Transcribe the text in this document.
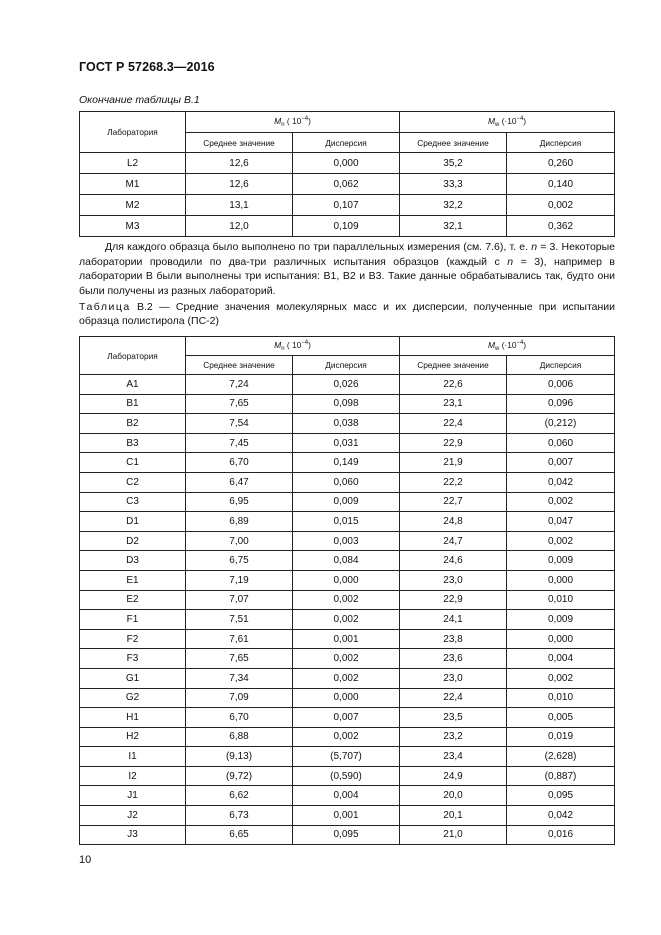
ГОСТ Р 57268.3—2016
Окончание таблицы В.1
Лаборатория	$M_n$ ( $10^{-4}$)		$M_w$ $(\cdot 10^{-4})$	
	Среднее значение	Дисперсия	Среднее значение	Дисперсия
L2	12,6	0,000	35,2	0,260
M1	12,6	0,062	33,3	0,140
M2	13,1	0,107	32,2	0,002
M3	12,0	0,109	32,1	0,362
Для каждого образца было выполнено по три параллельных измерения (см. 7.6), т. е. n = 3. Некоторые лаборатории проводили по два-три различных испытания образцов (каждый с n = 3), например в лаборатории В были выполнены три испытания: В1, В2 и В3. Такие данные обрабатывались так, будто они были получены из разных лабораторий.
Таблица В.2 — Средние значения молекулярных масс и их дисперсии, полученные при испытании образца полистирола (ПС-2)
Лаборатория	$M_n$ ( $10^{-4}$)		$M_w$ $(\cdot 10^{-4})$	
	Среднее значение	Дисперсия	Среднее значение	Дисперсия
A1	7,24	0,026	22,6	0,006
B1	7,65	0,098	23,1	0,096
B2	7,54	0,038	22,4	(0,212)
B3	7,45	0,031	22,9	0,060
C1	6,70	0,149	21,9	0,007
C2	6,47	0,060	22,2	0,042
C3	6,95	0,009	22,7	0,002
D1	6,89	0,015	24,8	0,047
D2	7,00	0,003	24,7	0,002
D3	6,75	0,084	24,6	0,009
E1	7,19	0,000	23,0	0,000
E2	7,07	0,002	22,9	0,010
F1	7,51	0,002	24,1	0,009
F2	7,61	0,001	23,8	0,000
F3	7,65	0,002	23,6	0,004
G1	7,34	0,002	23,0	0,002
G2	7,09	0,000	22,4	0,010
H1	6,70	0,007	23,5	0,005
H2	6,88	0,002	23,2	0,019
I1	(9,13)	(5,707)	23,4	(2,628)
I2	(9,72)	(0,590)	24,9	(0,887)
J1	6,62	0,004	20,0	0,095
J2	6,73	0,001	20,1	0,042
J3	6,65	0,095	21,0	0,016
10
